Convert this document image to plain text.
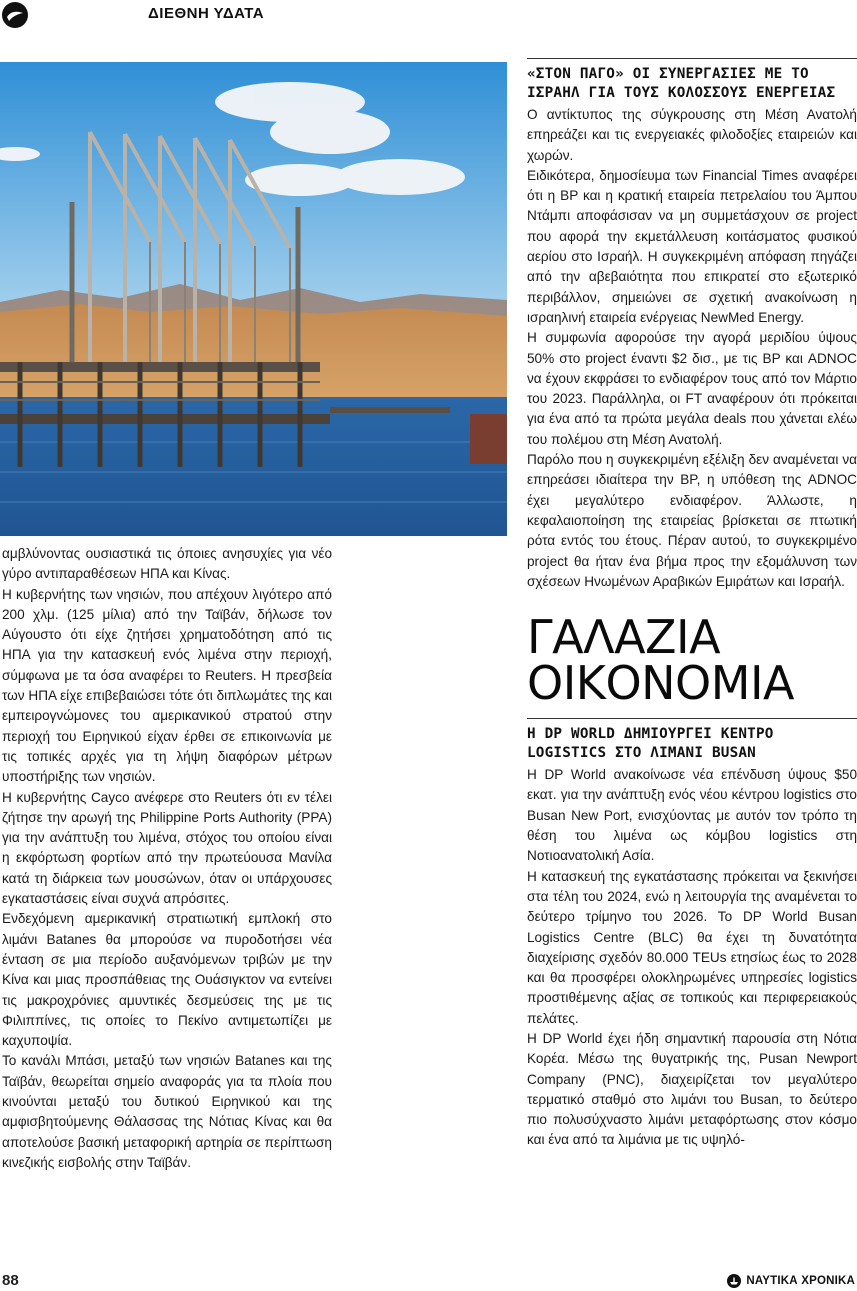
ΔΙΕΘΝΗ ΥΔΑΤΑ

αμβλύνοντας ουσιαστικά τις όποιες ανησυχίες για νέο γύρο αντιπαραθέσεων ΗΠΑ και Κίνας.

Η κυβερνήτης των νησιών, που απέχουν λιγότερο από 200 χλμ. (125 μίλια) από την Ταϊβάν, δήλωσε τον Αύγουστο ότι είχε ζητήσει χρηματοδότηση από τις ΗΠΑ για την κατασκευή ενός λιμένα στην περιοχή, σύμφωνα με τα όσα αναφέρει το Reuters. Η πρεσβεία των ΗΠΑ είχε επιβεβαιώσει τότε ότι διπλωμάτες της και εμπειρογνώμονες του αμερικανικού στρατού στην περιοχή του Ειρηνικού είχαν έρθει σε επικοινωνία με τις τοπικές αρχές για τη λήψη διαφόρων μέτρων υποστήριξης των νησιών.

Η κυβερνήτης Cayco ανέφερε στο Reuters ότι εν τέλει ζήτησε την αρωγή της Philippine Ports Authority (PPA) για την ανάπτυξη του λιμένα, στόχος του οποίου είναι η εκφόρτωση φορτίων από την πρωτεύουσα Μανίλα κατά τη διάρκεια των μουσώνων, όταν οι υπάρχουσες εγκαταστάσεις είναι συχνά απρόσιτες.

Ενδεχόμενη αμερικανική στρατιωτική εμπλοκή στο λιμάνι Batanes θα μπορούσε να πυροδοτήσει νέα ένταση σε μια περίοδο αυξανόμενων τριβών με την Κίνα και μιας προσπάθειας της Ουάσιγκτον να εντείνει τις μακροχρόνιες αμυντικές δεσμεύσεις της με τις Φιλιππίνες, τις οποίες το Πεκίνο αντιμετωπίζει με καχυποψία.

Το κανάλι Μπάσι, μεταξύ των νησιών Batanes και της Ταϊβάν, θεωρείται σημείο αναφοράς για τα πλοία που κινούνται μεταξύ του δυτικού Ειρηνικού και της αμφισβητούμενης Θάλασσας της Νότιας Κίνας και θα αποτελούσε βασική μεταφορική αρτηρία σε περίπτωση κινεζικής εισβολής στην Ταϊβάν.

«ΣΤΟΝ ΠΑΓΟ» ΟΙ ΣΥΝΕΡΓΑΣΙΕΣ ΜΕ ΤΟ ΙΣΡΑΗΛ ΓΙΑ ΤΟΥΣ ΚΟΛΟΣΣΟΥΣ ΕΝΕΡΓΕΙΑΣ

Ο αντίκτυπος της σύγκρουσης στη Μέση Ανατολή επηρεάζει και τις ενεργειακές φιλοδοξίες εταιρειών και χωρών.

Ειδικότερα, δημοσίευμα των Financial Times αναφέρει ότι η BP και η κρατική εταιρεία πετρελαίου του Άμπου Ντάμπι αποφάσισαν να μη συμμετάσχουν σε project που αφορά την εκμετάλλευση κοιτάσματος φυσικού αερίου στο Ισραήλ. Η συγκεκριμένη απόφαση πηγάζει από την αβεβαιότητα που επικρατεί στο εξωτερικό περιβάλλον, σημειώνει σε σχετική ανακοίνωση η ισραηλινή εταιρεία ενέργειας NewMed Energy.

Η συμφωνία αφορούσε την αγορά μεριδίου ύψους 50% στο project έναντι $2 δισ., με τις BP και ADNOC να έχουν εκφράσει το ενδιαφέρον τους από τον Μάρτιο του 2023. Παράλληλα, οι FT αναφέρουν ότι πρόκειται για ένα από τα πρώτα μεγάλα deals που χάνεται ελέω του πολέμου στη Μέση Ανατολή.

Παρόλο που η συγκεκριμένη εξέλιξη δεν αναμένεται να επηρεάσει ιδιαίτερα την BP, η υπόθεση της ADNOC έχει μεγαλύτερο ενδιαφέρον. Άλλωστε, η κεφαλαιοποίηση της εταιρείας βρίσκεται σε πτωτική ρότα εντός του έτους. Πέραν αυτού, το συγκεκριμένο project θα ήταν ένα βήμα προς την εξομάλυνση των σχέσεων Ηνωμένων Αραβικών Εμιράτων και Ισραήλ.

ΓΑΛΑΖΙΑ
ΟΙΚΟΝΟΜΙΑ
Η DP WORLD ΔΗΜΙΟΥΡΓΕΙ ΚΕΝΤΡΟ LOGISTICS ΣΤΟ ΛΙΜΑΝΙ BUSAN

Η DP World ανακοίνωσε νέα επένδυση ύψους $50 εκατ. για την ανάπτυξη ενός νέου κέντρου logistics στο Busan New Port, ενισχύοντας με αυτόν τον τρόπο τη θέση του λιμένα ως κόμβου logistics στη Νοτιοανατολική Ασία.

Η κατασκευή της εγκατάστασης πρόκειται να ξεκινήσει στα τέλη του 2024, ενώ η λειτουργία της αναμένεται το δεύτερο τρίμηνο του 2026. Το DP World Busan Logistics Centre (BLC) θα έχει τη δυνατότητα διαχείρισης σχεδόν 80.000 TEUs ετησίως έως το 2028 και θα προσφέρει ολοκληρωμένες υπηρεσίες logistics προστιθέμενης αξίας σε τοπικούς και περιφερειακούς πελάτες.

Η DP World έχει ήδη σημαντική παρουσία στη Νότια Κορέα. Μέσω της θυγατρικής της, Pusan Newport Company (PNC), διαχειρίζεται τον μεγαλύτερο τερματικό σταθμό στο λιμάνι του Busan, το δεύτερο πιο πολυσύχναστο λιμάνι μεταφόρτωσης στον κόσμο και ένα από τα λιμάνια με τις υψηλό-

88	ΝΑΥΤΙΚΑ ΧΡΟΝΙΚΑ
